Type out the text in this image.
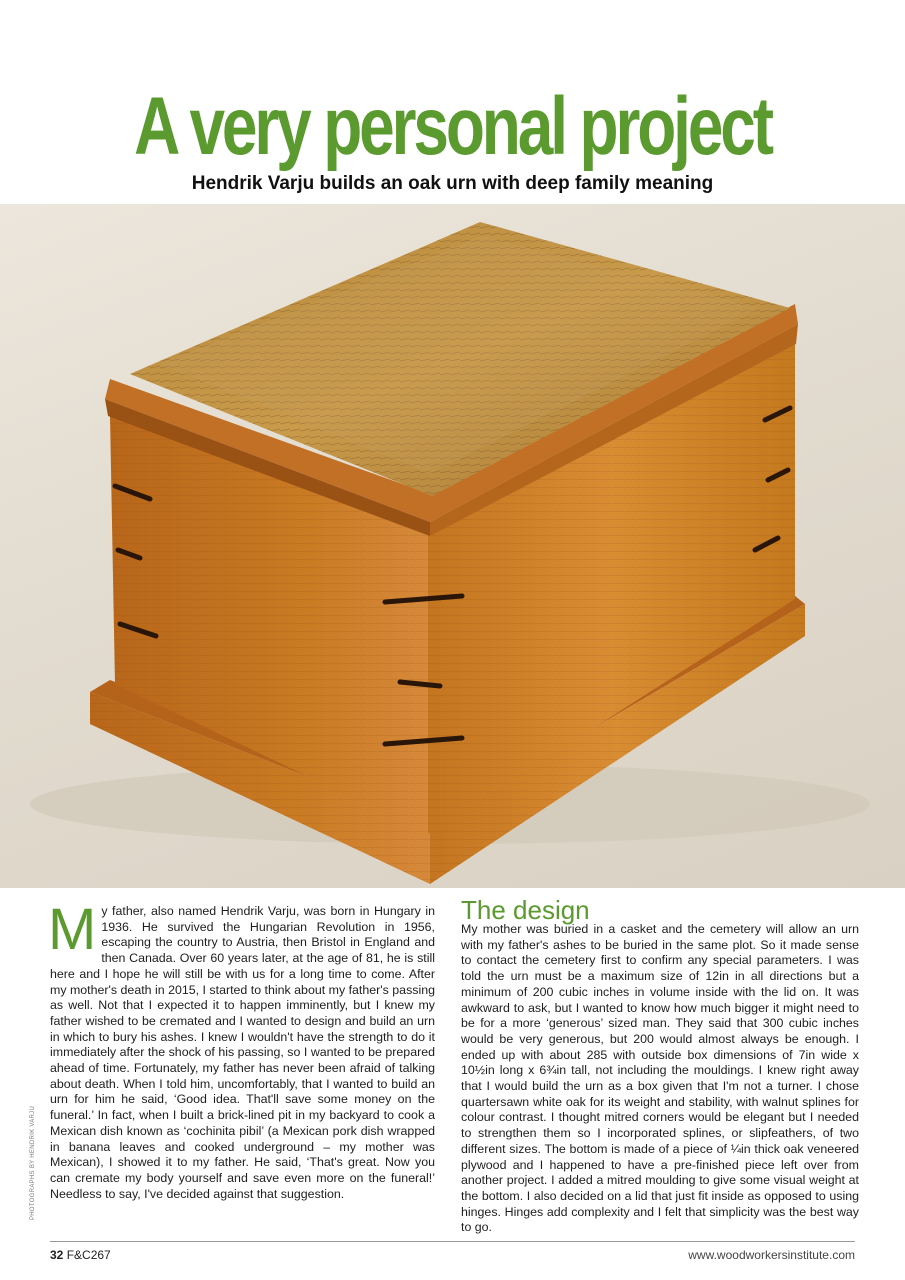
A very personal project
Hendrik Varju builds an oak urn with deep family meaning
PHOTOGRAPHS BY HENDRIK VARJU
My father, also named Hendrik Varju, was born in Hungary in 1936. He survived the Hungarian Revolution in 1956, escaping the country to Austria, then Bristol in England and then Canada. Over 60 years later, at the age of 81, he is still here and I hope he will still be with us for a long time to come. After my mother's death in 2015, I started to think about my father's passing as well. Not that I expected it to happen imminently, but I knew my father wished to be cremated and I wanted to design and build an urn in which to bury his ashes. I knew I wouldn't have the strength to do it immediately after the shock of his passing, so I wanted to be prepared ahead of time. Fortunately, my father has never been afraid of talking about death. When I told him, uncomfortably, that I wanted to build an urn for him he said, ‘Good idea. That'll save some money on the funeral.’ In fact, when I built a brick-lined pit in my backyard to cook a Mexican dish known as ‘cochinita pibil’ (a Mexican pork dish wrapped in banana leaves and cooked underground – my mother was Mexican), I showed it to my father. He said, ‘That's great. Now you can cremate my body yourself and save even more on the funeral!’ Needless to say, I've decided against that suggestion.
The design
My mother was buried in a casket and the cemetery will allow an urn with my father's ashes to be buried in the same plot. So it made sense to contact the cemetery first to confirm any special parameters. I was told the urn must be a maximum size of 12in in all directions but a minimum of 200 cubic inches in volume inside with the lid on. It was awkward to ask, but I wanted to know how much bigger it might need to be for a more ‘generous’ sized man. They said that 300 cubic inches would be very generous, but 200 would almost always be enough. I ended up with about 285 with outside box dimensions of 7in wide x 10½in long x 6¾in tall, not including the mouldings. I knew right away that I would build the urn as a box given that I'm not a turner. I chose quartersawn white oak for its weight and stability, with walnut splines for colour contrast. I thought mitred corners would be elegant but I needed to strengthen them so I incorporated splines, or slipfeathers, of two different sizes. The bottom is made of a piece of ¼in thick oak veneered plywood and I happened to have a pre-finished piece left over from another project. I added a mitred moulding to give some visual weight at the bottom. I also decided on a lid that just fit inside as opposed to using hinges. Hinges add complexity and I felt that simplicity was the best way to go.
32 F&C267	www.woodworkersinstitute.com
